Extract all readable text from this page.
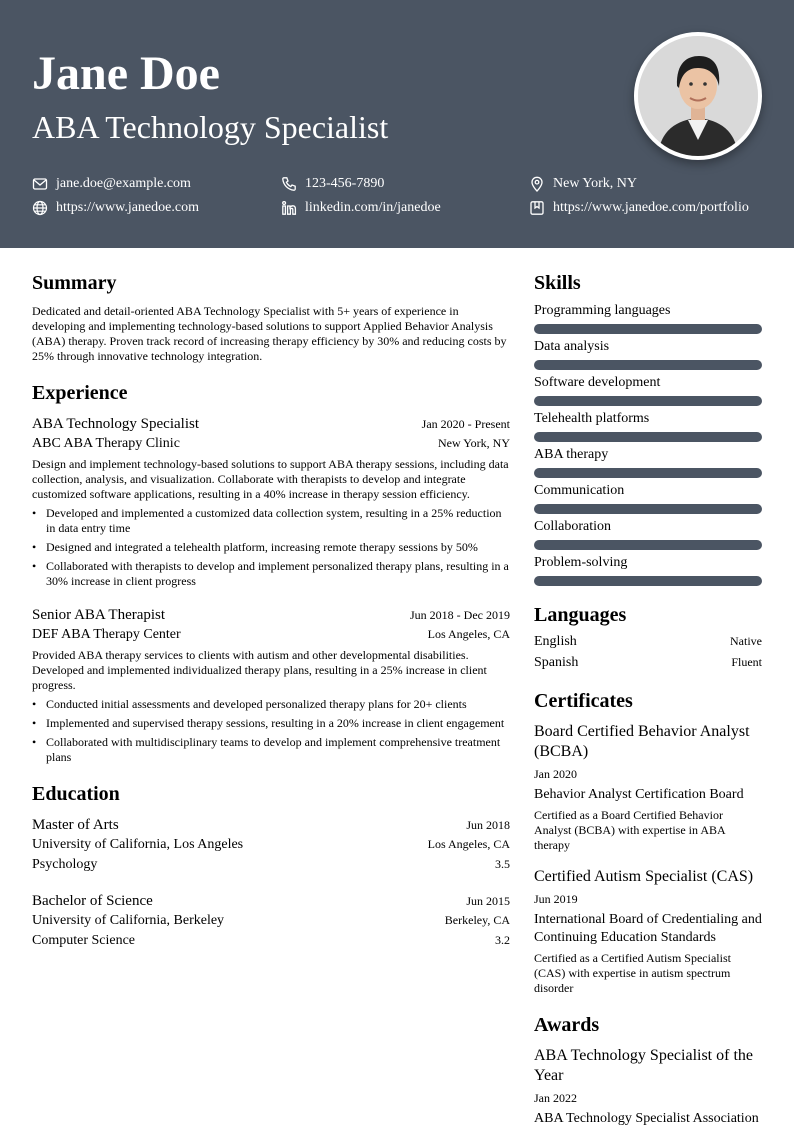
Jane Doe
ABA Technology Specialist
jane.doe@example.com	123-456-7890	New York, NY
https://www.janedoe.com	linkedin.com/in/janedoe	https://www.janedoe.com/portfolio
Summary
Dedicated and detail-oriented ABA Technology Specialist with 5+ years of experience in developing and implementing technology-based solutions to support Applied Behavior Analysis (ABA) therapy. Proven track record of increasing therapy efficiency by 30% and reducing costs by 25% through innovative technology integration.
Experience
ABA Technology Specialist	Jan 2020 - Present
ABC ABA Therapy Clinic	New York, NY
Design and implement technology-based solutions to support ABA therapy sessions, including data collection, analysis, and visualization. Collaborate with therapists to develop and integrate customized software applications, resulting in a 40% increase in therapy session efficiency.
• Developed and implemented a customized data collection system, resulting in a 25% reduction in data entry time
• Designed and integrated a telehealth platform, increasing remote therapy sessions by 50%
• Collaborated with therapists to develop and implement personalized therapy plans, resulting in a 30% increase in client progress
Senior ABA Therapist	Jun 2018 - Dec 2019
DEF ABA Therapy Center	Los Angeles, CA
Provided ABA therapy services to clients with autism and other developmental disabilities. Developed and implemented individualized therapy plans, resulting in a 25% increase in client progress.
• Conducted initial assessments and developed personalized therapy plans for 20+ clients
• Implemented and supervised therapy sessions, resulting in a 20% increase in client engagement
• Collaborated with multidisciplinary teams to develop and implement comprehensive treatment plans
Education
Master of Arts	Jun 2018
University of California, Los Angeles	Los Angeles, CA
Psychology	3.5
Bachelor of Science	Jun 2015
University of California, Berkeley	Berkeley, CA
Computer Science	3.2
Skills
Programming languages
Data analysis
Software development
Telehealth platforms
ABA therapy
Communication
Collaboration
Problem-solving
Languages
English	Native
Spanish	Fluent
Certificates
Board Certified Behavior Analyst (BCBA)
Jan 2020
Behavior Analyst Certification Board
Certified as a Board Certified Behavior Analyst (BCBA) with expertise in ABA therapy
Certified Autism Specialist (CAS)
Jun 2019
International Board of Credentialing and Continuing Education Standards
Certified as a Certified Autism Specialist (CAS) with expertise in autism spectrum disorder
Awards
ABA Technology Specialist of the Year
Jan 2022
ABA Technology Specialist Association
